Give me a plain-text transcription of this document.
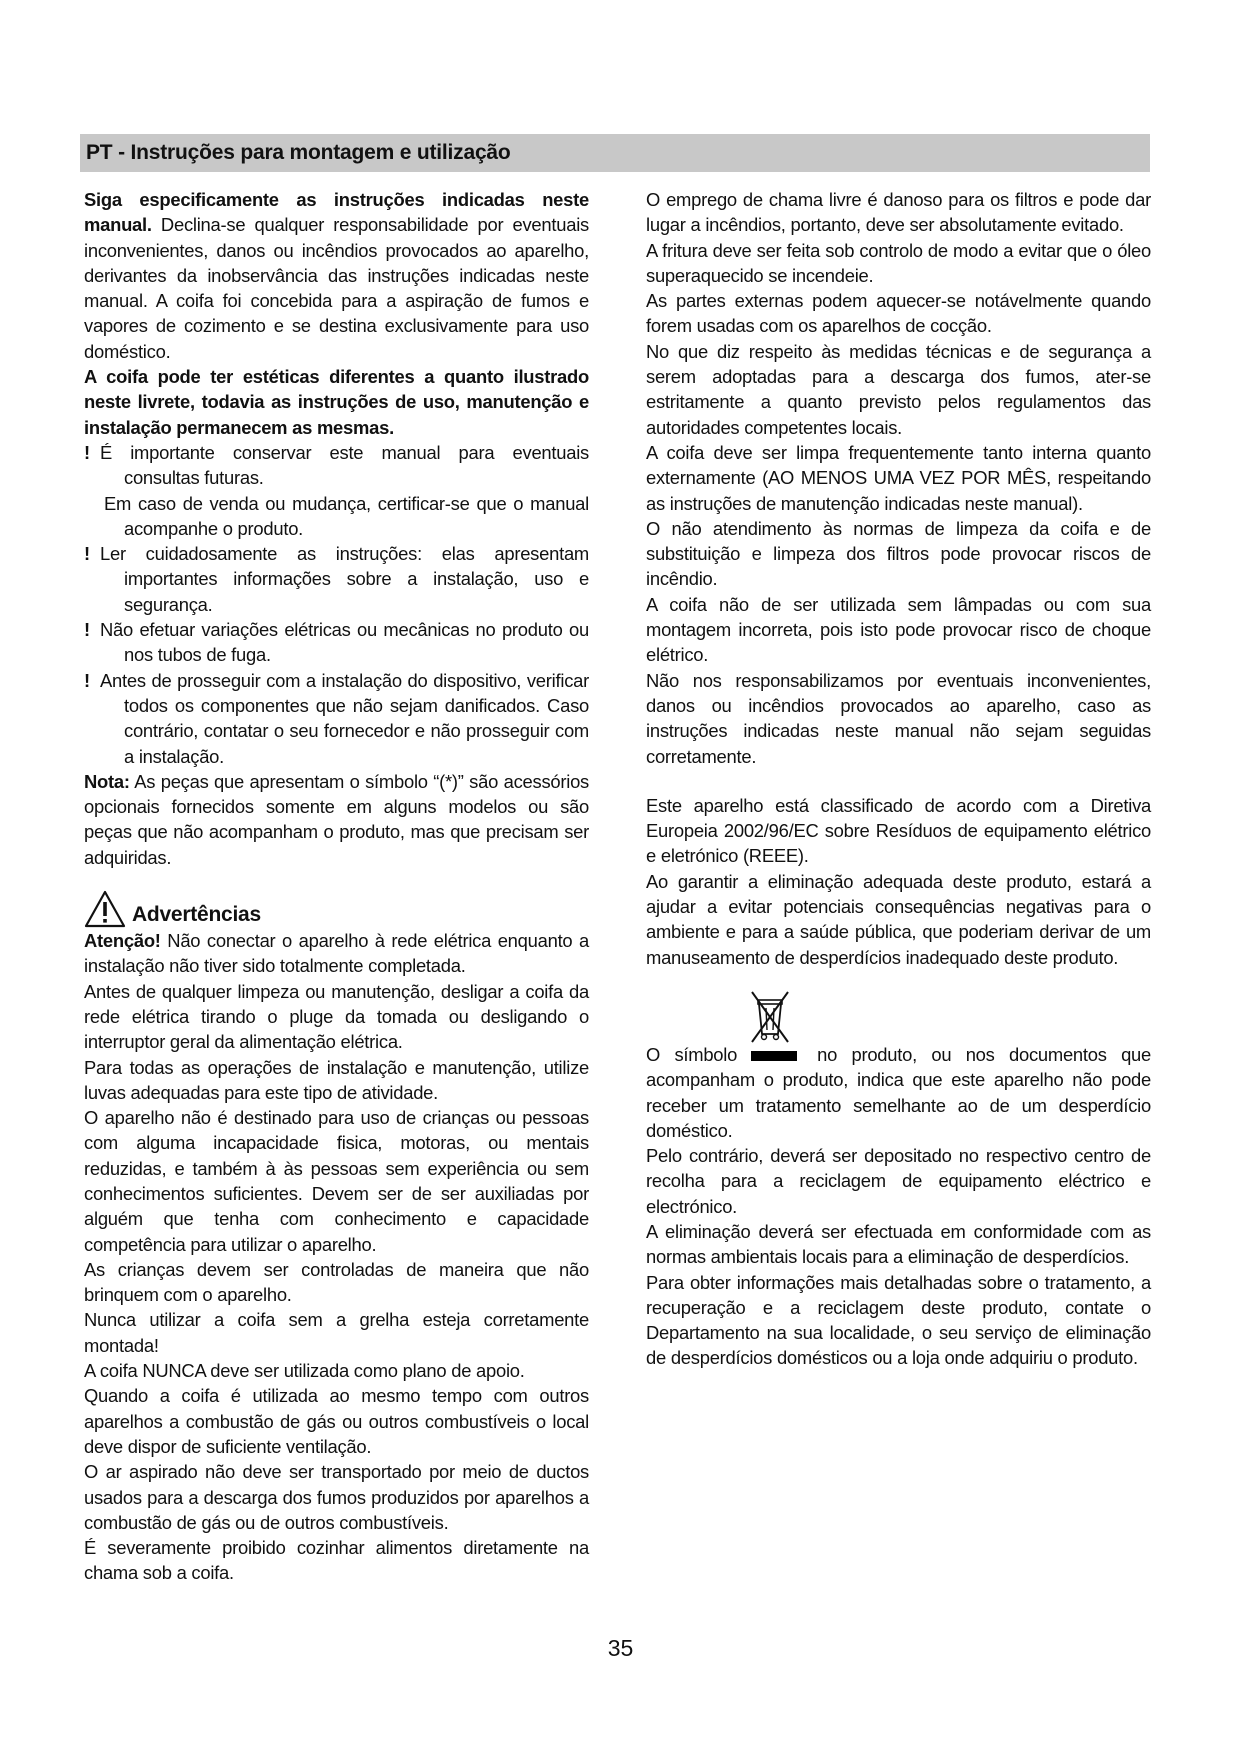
PT - Instruções para montagem e utilização

Siga especificamente as instruções indicadas neste manual. Declina-se qualquer responsabilidade por eventuais inconvenientes, danos ou incêndios provocados ao aparelho, derivantes da inobservância das instruções indicadas neste manual. A coifa foi concebida para a aspiração de fumos e vapores de cozimento e se destina exclusivamente para uso doméstico.

A coifa pode ter estéticas diferentes a quanto ilustrado neste livrete, todavia as instruções de uso, manutenção e instalação permanecem as mesmas.

! É importante conservar este manual para eventuais consultas futuras.

Em caso de venda ou mudança, certificar-se que o manual acompanhe o produto.

! Ler cuidadosamente as instruções: elas apresentam importantes informações sobre a instalação, uso e segurança.

! Não efetuar variações elétricas ou mecânicas no produto ou nos tubos de fuga.

! Antes de prosseguir com a instalação do dispositivo, verificar todos os componentes que não sejam danificados. Caso contrário, contatar o seu fornecedor e não prosseguir com a instalação.

Nota: As peças que apresentam o símbolo “(*)” são acessórios opcionais fornecidos somente em alguns modelos ou são peças que não acompanham o produto, mas que precisam ser adquiridas.

Advertências

Atenção! Não conectar o aparelho à rede elétrica enquanto a instalação não tiver sido totalmente completada.

Antes de qualquer limpeza ou manutenção, desligar a coifa da rede elétrica tirando o pluge da tomada ou desligando o interruptor geral da alimentação elétrica.

Para todas as operações de instalação e manutenção, utilize luvas adequadas para este tipo de atividade.

O aparelho não é destinado para uso de crianças ou pessoas com alguma incapacidade fisica, motoras, ou mentais reduzidas, e também à às pessoas sem experiência ou sem conhecimentos suficientes. Devem ser de ser auxiliadas por alguém que tenha com conhecimento e capacidade competência para utilizar o aparelho.

As crianças devem ser controladas de maneira que não brinquem com o aparelho.

Nunca utilizar a coifa sem a grelha esteja corretamente montada!

A coifa NUNCA deve ser utilizada como plano de apoio.

Quando a coifa é utilizada ao mesmo tempo com outros aparelhos a combustão de gás ou outros combustíveis o local deve dispor de suficiente ventilação.

O ar aspirado não deve ser transportado por meio de ductos usados para a descarga dos fumos produzidos por aparelhos a combustão de gás ou de outros combustíveis.

É severamente proibido cozinhar alimentos diretamente na chama sob a coifa.

O emprego de chama livre é danoso para os filtros e pode dar lugar a incêndios, portanto, deve ser absolutamente evitado.

A fritura deve ser feita sob controlo de modo a evitar que o óleo superaquecido se incendeie.

As partes externas podem aquecer-se notávelmente quando forem usadas com os aparelhos de cocção.

No que diz respeito às medidas técnicas e de segurança a serem adoptadas para a descarga dos fumos, ater-se estritamente a quanto previsto pelos regulamentos das autoridades competentes locais.

A coifa deve ser limpa frequentemente tanto interna quanto externamente (AO MENOS UMA VEZ POR MÊS, respeitando as instruções de manutenção indicadas neste manual).

O não atendimento às normas de limpeza da coifa e de substituição e limpeza dos filtros pode provocar riscos de incêndio.

A coifa não de ser utilizada sem lâmpadas ou com sua montagem incorreta, pois isto pode provocar risco de choque elétrico.

Não nos responsabilizamos por eventuais inconvenientes, danos ou incêndios provocados ao aparelho, caso as instruções indicadas neste manual não sejam seguidas corretamente.

Este aparelho está classificado de acordo com a Diretiva Europeia 2002/96/EC sobre Resíduos de equipamento elétrico e eletrónico (REEE).

Ao garantir a eliminação adequada deste produto, estará a ajudar a evitar potenciais consequências negativas para o ambiente e para a saúde pública, que poderiam derivar de um manuseamento de desperdícios inadequado deste produto.

O símbolo	no produto, ou nos documentos que acompanham o produto, indica que este aparelho não pode receber um tratamento semelhante ao de um desperdício doméstico.

Pelo contrário, deverá ser depositado no respectivo centro de recolha para a reciclagem de equipamento eléctrico e electrónico.

A eliminação deverá ser efectuada em conformidade com as normas ambientais locais para a eliminação de desperdícios.

Para obter informações mais detalhadas sobre o tratamento, a recuperação e a reciclagem deste produto, contate o Departamento na sua localidade, o seu serviço de eliminação de desperdícios domésticos ou a loja onde adquiriu o produto.

35
